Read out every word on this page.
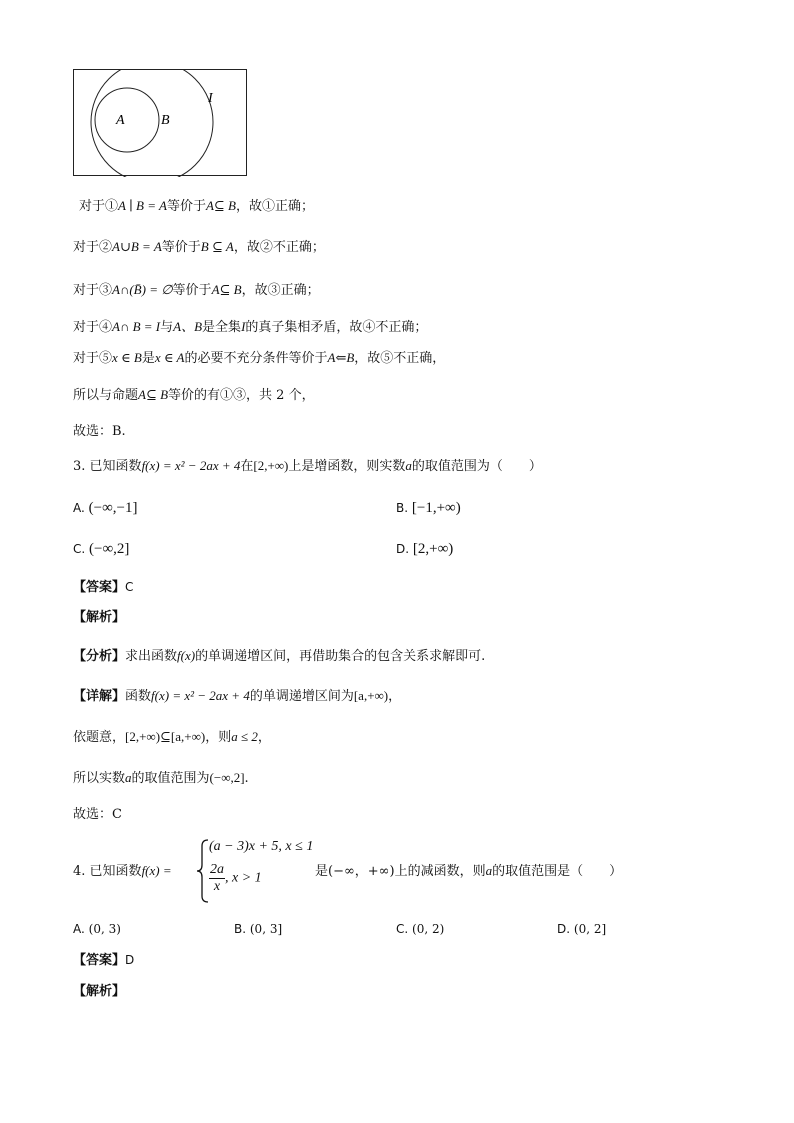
A	B
I
对于①A ∣ B = A等价于A⊆ B，故①正确；
对于②A∪B = A等价于B ⊆ A，故②不正确；
对于③A∩(B̄) = ∅等价于A⊆ B，故③正确；
对于④A∩ B = I与A、B是全集I的真子集相矛盾，故④不正确；
对于⑤x ∈ B是x ∈ A的必要不充分条件等价于A⇐B，故⑤不正确，
所以与命题A⊆ B等价的有①③，共 2 个，
故选：B.
3. 已知函数f(x) = x² − 2ax + 4在[2,+∞)上是增函数，则实数a的取值范围为（　　）
A. (−∞,−1]	B. [−1,+∞)
C. (−∞,2]	D. [2,+∞)
【答案】C
【解析】
【分析】求出函数f(x)的单调递增区间，再借助集合的包含关系求解即可.
【详解】函数f(x) = x² − 2ax + 4的单调递增区间为[a,+∞)，
依题意，[2,+∞)⊆[a,+∞)，则a ≤ 2，
所以实数a的取值范围为(−∞,2].
故选：C
4. 已知函数f(x) =
(a − 3)x + 5, x ≤ 1
$\frac{2a}{x}$ , x > 1	是(−∞，+∞)上的减函数，则a的取值范围是（　　）
A. (0, 3)	B. (0, 3]	C. (0, 2)	D. (0, 2]
【答案】D
【解析】
